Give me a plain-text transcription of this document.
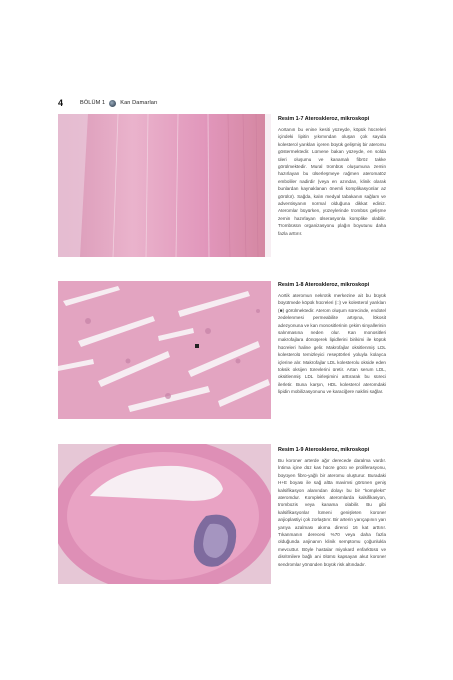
4	BÖLÜM 1	Kan Damarları

Resim 1-7 Ateroskleroz, mikroskopi

Aortanın bu enine kesiti yüzeyde, köpük hücreleri içindeki lipitin yıkımından oluşan çok sayıda kolesterol yarıkları içeren büyük gelişmiş bir ateromu göstermektedir. Lümene bakan yüzeyde, en solda üleri oluşumu ve kanamalı fibröz takke görülmektedir. Mural trombüs oluşumuna zemin hazırlayan bu ülserleşmeye rağmen ateromatöz emboliler nadirdir (veya en azından, klinik olarak bunlardan kaynaklanan önemli komplikasyonlar az görülür). Sağda, kalın medyal tabakanın sağlam ve adventisyanın normal olduğuna dikkat ediniz. Ateromlar büyürken, yüzeylerinde trombüs gelişme zemin hazırlayan ülserasyonla komplike olabilir. Trombüsün organizasyonu plağın boyutunu daha fazla arttırır.

Resim 1-8 Ateroskleroz, mikroskopi

Aortik ateromun nekrotik merkezine ait bu büyük büyütmede köpük hücreleri (□) ve kolesterol yarıkları (■) görülmektedir. Aterom oluşum sürecinde, endotel zedelenmesi permeabilite artışına, lökosit adezyonuna ve kan monositlerinin çekim sinyallerinin salınmasına neden olur. Kan monositleri makrofajlara dönüşerek lipidlerini birikimi ile köpük hücreleri haline gelir. Makrofajlar oksitlenmiş LDL kolesterolü temizleyici reseptörleri yoluyla kolayca içlerine alır. Makrofajlar LDL kolesterolu okside eden toksik oksijen türevlerini üretir. Artan serum LDL, oksitlenmiş LDL birleşimini arttırarak bu süreci ilerletir. Buna karşın, HDL kolesterol ateromdaki lipidin mobilizasyonunu ve karaciğere naklini sağlar.

Resim 1-9 Ateroskleroz, mikroskopi

Bu koroner arterde ağır derecede daralma vardır. İntima içine düz kas hücre göcü ve proliferasyonu, büyüyen fibro-yağlı bir ateromu oluşturur. Buradaki H+E boyası ile sağ altta mavimsi görünen geniş kalsifikasyon alanından dolayı bu bir "kompleks" ateromdur. Kompleks ateromlarda kalsifikasyon, trombozis veya kanama olabilir. Bu gibi kalsifikasyonlar lümeni genişleten koroner anjioplastiyi çok zorlaştırır. Bir arterin yarıçapının yarı yarıya azalması akıma direnci 16 kat arttırır. Tıkanmanın derecesi %70 veya daha fazla olduğunda anjinanın klinik semptomu çoğunlukla mevcuttur. Böyle hastalar miyokard enfarktüsü ve disritmilere bağlı ani ölümü kapsayan akut koroner sendromlar yönünden büyük risk altındadır.
